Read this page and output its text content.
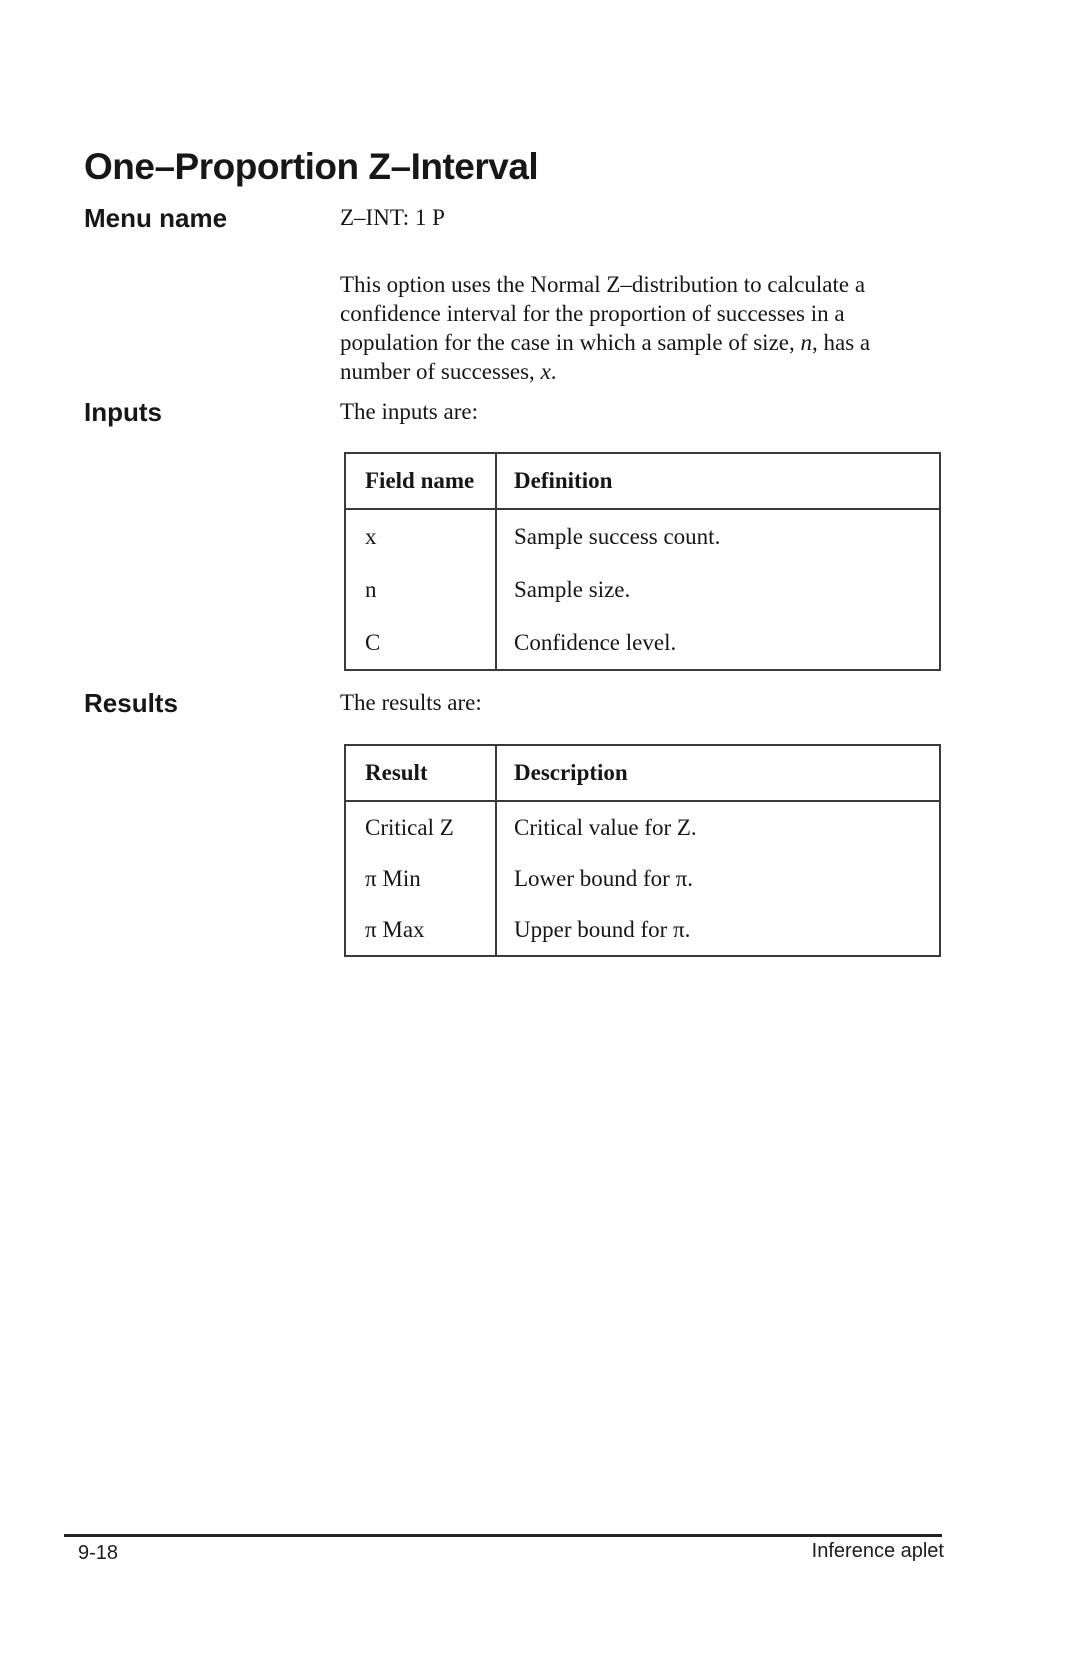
One–Proportion Z–Interval
Menu name	Z–INT: 1 P

This option uses the Normal Z–distribution to calculate a confidence interval for the proportion of successes in a population for the case in which a sample of size, n, has a number of successes, x.

Inputs	The inputs are:
Field name	Definition
x	Sample success count.
n	Sample size.
C	Confidence level.
Results	The results are:
Result	Description
Critical Z	Critical value for Z.
π Min	Lower bound for π.
π Max	Upper bound for π.
9-18	Inference aplet
